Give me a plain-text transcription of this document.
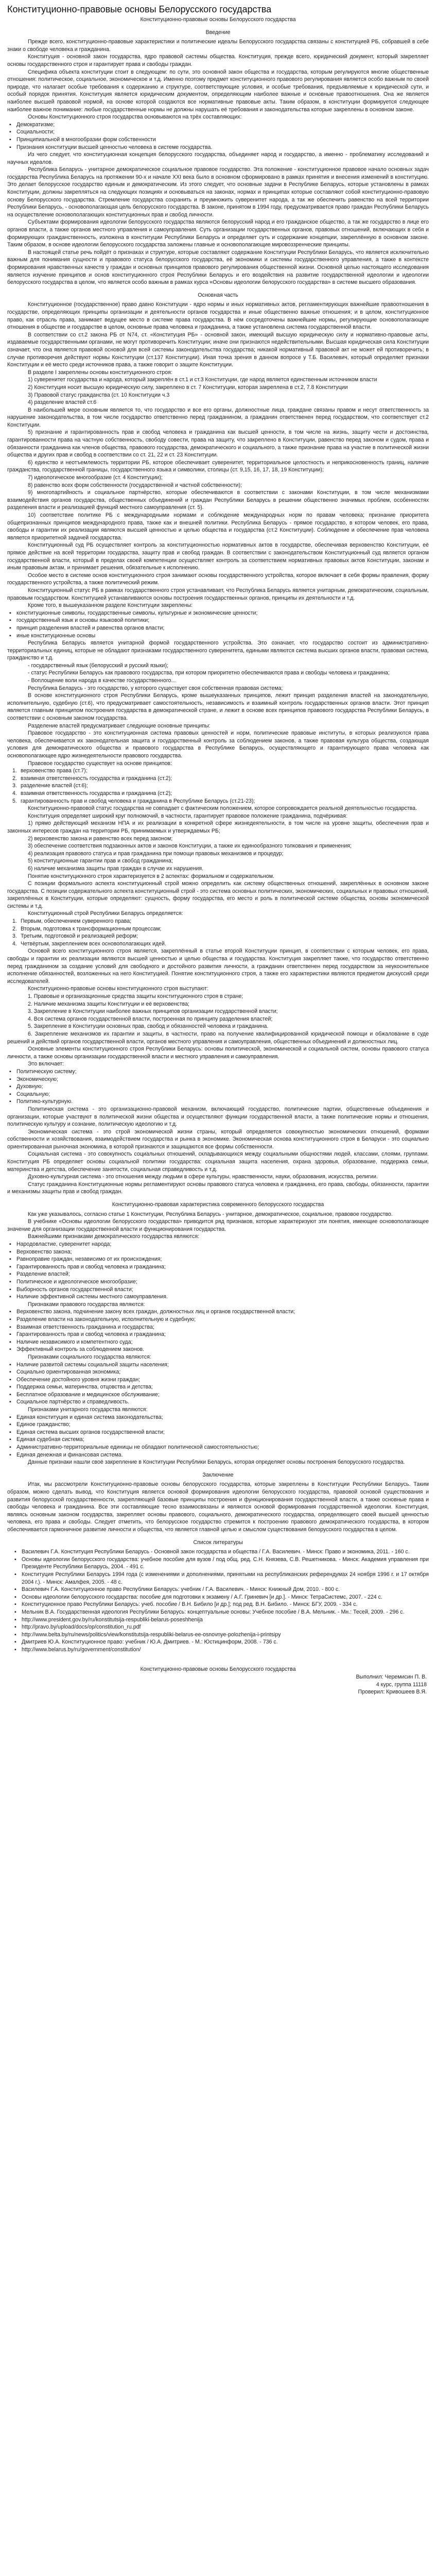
Конституционно-правовые основы Белорусского государства
Конституционно-правовые основы Белорусского государства
Введение
Прежде всего, конституционно-правовые характеристики и политические идеалы Белорусского государства связаны с конституцией РБ, собравшей в себе знаки о свободе человека и гражданина.
Конституция - основной закон государства, ядро правовой системы общества. Конституция, прежде всего, юридический документ, который закрепляет основы государственного строя и гарантирует права и свободы граждан.
Специфика объекта конституции стоит в следующем: по сути, это основной закон общества и государства, которым регулируются многие общественные отношения: политическое, социальное, экономическое и т.д. Именно поэтому предмет конституционного правового регулирования является особо важным по своей природе, что налагает особые требования к содержанию и структуре, соответствующие условия, и особые требования, предъявляемые к юридической сути, и особый порядок принятия. Конституция является юридическим документом, определяющим наиболее важные и основные правоотношения. Она же является наиболее высшей правовой нормой, на основе которой создаются все нормативные правовые акты. Таким образом, в конституции формируется следующее наиболее важное понимание: любые государственные нормы не должны нарушать её требования и законодательства которые закреплены в основном законе.
Основы Конституционного строя государства основываются на трёх составляющих:
▪ Демократизме;
▪ Социальности;
▪ Принципиальной в многообразии форм собственности
▪ Признания конституции высшей ценностью человека в системе государства.
Из чего следует, что конституционная концепция белорусского государства, объединяет народ и государство, а именно - проблематику исследований и научных идеалов.
Республика Беларусь - унитарное демократическое социальное правовое государство. Эта положение - конституционное правовое начало основных задач государства Республика Беларусь на протяжении 90-х и начале XXI века было в основном сформировано в рамках принятия и внесения изменений в конституцию. Это делает белорусское государство единым и демократическим. Из этого следует, что основные задачи в Республике Беларусь, которые установлены в рамках Конституции, должны закрепляться на следующих позициях и основываться на законах, нормах и принципах которые составляют собой конституционно-правовую основу Белорусского государства. Стремление государства сохранить и преумножить суверенитет народа, а так же обеспечить равенство на всей территории Республики Беларусь, - основополагающая цель белорусского государства. В законе, принятом в 1994 году, предусматривается право граждан Республики Беларусь на осуществление основополагающих конституционных прав и свобод личности.
Субъектами формирования идеологии белорусского государства являются белорусский народ и его гражданское общество, а так же государство в лице его органов власти, а также органов местного управления и самоуправления. Суть организации государственных органов, правовых отношений, включающих в себя и формирующих гражданственность, изложена в конституции Республики Беларусь и определяет суть и содержание концепции, закреплённую в основном законе. Таким образом, в основе идеологии белорусского государства заложены главные и основополагающие мировоззренческие принципы.
В настоящей статье речь пойдёт о признаках и структуре, которые составляют содержание Конституции Республики Беларусь, что является исключительно важным для понимания сущности и правового статуса белорусского государства, её экономики и системы государственного управления, а также в контексте формирования нравственных качеств у граждан и основных принципов правового регулирования общественной жизни. Основной целью настоящего исследования является изучение принципов и основ конституционного строя Республики Беларусь и его воздействия на развитие государственной идеологии и идеологии белорусского государства в целом, что является особо важным в рамках курса «Основы идеологии белорусского государства» в системе высшего образования.
Основная часть
Конституционное (государственное) право давно Конституции - ядро нормы и иных нормативных актов, регламентирующих важнейшие правоотношения в государстве, определяющих принципы организации и деятельности органов государства и иные общественно важные отношения; и в целом, конституционное право, как отрасль права, занимает ведущее место в системе права государства. В нём сосредоточены важнейшие нормы, регулирующие основополагающие отношения в обществе и государстве в целом, основные права человека и гражданина, а также установлена система государственной власти.
В соответствии со ст.2 закона РБ от N74, ст. «Конституция РБ» - основной закон, имеющий высшую юридическую силу и нормативно-правовые акты, издаваемые государственными органами, не могут противоречить Конституции; иначе они признаются недействительными. Высшая юридическая сила Конституции означает, что она является правовой основой для всей системы законодательства государства; никакой нормативный правовой акт не может ей противоречить; в случае противоречия действуют нормы Конституции (ст.137 Конституции). Иная точка зрения в данном вопросе у Т.Б. Василевич, который определяет признаки Конституции и её место среди источников права, а также говорит о защите Конституции.
В разделе I закреплены основы конституционного строя:
1) суверенитет государства и народа, который закреплён в ст.1 и ст.3 Конституции, где народ является единственным источником власти
2) Конституция носит высшую юридическую силу, закреплено в ст. 7 Конституции, которая закреплена в ст.2, 7.8 Конституции
3) Правовой статус гражданства (ст. 10 Конституции ч.3
4) разделение властей ст.6
В наибольшей мере основным является то, что государство и все его органы, должностные лица, граждане связаны правом и несут ответственность за нарушение законодательства, в том числе государство ответственно перед гражданином, а гражданин ответственен перед государством, что соответствует ст.2 Конституции.
5) признание и гарантированность прав и свобод человека и гражданина как высшей ценности, в том числе на жизнь, защиту чести и достоинства, гарантированности права на частную собственность, свободу совести, права на защиту, что закреплено в Конституции, равенство перед законом и судом, права и обязанности гражданина как членов общества, правового государства, демократического и социального, а также признание права на участие в политической жизни общества и других прав и свобод в соответствии со ст. 21, 22 и ст. 23 Конституции.
6) единство и неотъемлемость территории РБ, которое обеспечивает суверенитет, территориальное целостность и неприкосновенность границ, наличие гражданства, государственной границы, государственного языка и символики, столицы (ст. 9,15, 16, 17, 18, 19 Конституции);
7) идеологическое многообразие (ст. 4 Конституции);
8) равенство всех форм собственности (государственной и частной собственности);
9) многопартийность и социальное партнёрство, которые обеспечиваются в соответствии с законами Конституции, в том числе механизмами взаимодействия органов государства, общественных объединений и граждан Республики Беларусь в решении общественно значимых проблем, особенностях разделения власти и реализацией функций местного самоуправления (ст. 5).
10) соответствие политике РБ с международными нормами и соблюдение международных норм по правам человека; признание приоритета общепризнанных принципов международного права, также как и внешней политики. Республика Беларусь - прямое государство, в котором человек, его права, свободы и гарантии их реализации являются высшей ценностью и целью общества и государства (ст.2 Конституции). Соблюдение и обеспечение прав человека является приоритетной задачей государства.
Конституционный суд РБ осуществляет контроль за конституционностью нормативных актов в государстве, обеспечивая верховенство Конституции, её прямое действие на всей территории государства, защиту прав и свобод граждан. В соответствии с законодательством Конституционный суд является органом государственной власти, который в пределах своей компетенции осуществляет контроль за соответствием нормативных правовых актов Конституции, законам и иным правовым актам, и принимает решения, обязательные к исполнению.
Особое место в системе основ конституционного строя занимают основы государственного устройства, которое включает в себя формы правления, форму государственного устройства, а также политический режим.
Конституционный статус РБ в рамках государственного строя устанавливает, что Республика Беларусь является унитарным, демократическим, социальным, правовым государством. Конституцией устанавливаются основы построения государственных органов, принципы их деятельности и т.д.
Кроме того, в вышеуказанном разделе Конституции закреплены:
▪ конституционные символы, государственные символы, культурные и экономические ценности;
▪ государственный язык и основы языковой политики;
▪ принцип разделения властей и равенства органов власти;
▪ иные конституционные основы
Республика Беларусь является унитарной формой государственного устройства. Это означает, что государство состоит из административно-территориальных единиц, которые не обладают признаками государственного суверенитета, едиными являются система высших органов власти, правовая система, гражданство и т.д.
- государственный язык (белорусский и русский языки);
- статус Республики Беларусь как правового государства, при котором приоритетно обеспечиваются права и свободы человека и гражданина;
- Воплощение воли народа в качестве государственного...
Республика Беларусь - это государство, у которого существует своя собственная правовая система;
В основе конституционного строя Республики Беларусь, кроме вышеуказанных принципов, лежит принцип разделения властей на законодательную, исполнительную, судебную (ст.6), что предусматривает самостоятельность, независимость и взаимный контроль государственных органов власти. Этот принцип является главным принципом построения государства в демократической стране, и лежит в основе всех принципов правового государства Республики Беларусь, в соответствии с основным законом государства.
Разделение властей предусматривает следующие основные принципы:
Правовое государство - это конституционная система правовых ценностей и норм, политические правовые институты, в которых реализуются права человека, обеспечивается их законодательная защита и государственный контроль за соблюдением законов, а также правовая культура общества, создающая условия для демократического общества и правового государства в Республике Беларусь, осуществляющего и гарантирующего права человека как основополагающее ядро жизнедеятельности правового государства.
Правовое государство существует на основе принципов:
1. верховенство права (ст.7);
2. взаимная ответственность государства и гражданина (ст.2);
3. разделение властей (ст.6);
4. взаимная ответственность государства и гражданина (ст.2);
5. гарантированность прав и свобод человека и гражданина в Республике Беларусь (ст.21-23);
Конституционно-правовой статус государства не совпадает с фактическим положением, которое сопровождается реальной деятельностью государства.
Конституция определяет широкий круг полномочий, в частности, гарантирует правовое положение гражданина, подчёркивая:
1) прямо действующий механизм НПА и их реализации в конкретной сфере жизнедеятельности, в том числе на уровне защиты, обеспечения прав и законных интересов граждан на территории РБ, принимаемых и утверждаемых РБ;
2) верховенство закона и равенство всех перед законом;
3) обеспечение соответствия подзаконных актов и законов Конституции, а также их единообразного толкования и применения;
4) реализация правового статуса и прав гражданина при помощи правовых механизмов и процедур;
5) конституционные гарантии прав и свобод гражданина;
6) наличие механизма защиты прав граждан в случае их нарушения.
Понятие конституционного строя характеризуется в 2 аспектах: формальном и содержательном.
С позиции формального аспекта конституционный строй можно определить как систему общественных отношений, закреплённых в основном законе государства. С позиции содержательного аспекта конституционный строй - это система основных политических, экономических, социальных и правовых отношений, закреплённых в Конституции, которые определяют: сущность, форму государства, его место и роль в политической системе общества, основы экономической системы и т.д.
Конституционный строй Республики Беларусь определяется:
1. Первым, обеспечением суверенного права;
2. Вторым, подготовка к трансформационным процессам;
3. Третьим, подготовкой и реализацией реформ;
4. Четвёртым, закреплением всех основополагающих идей.
Основой всего конституционного строя является, закреплённый в статье второй Конституции принцип, в соответствии с которым человек, его права, свободы и гарантии их реализации являются высшей ценностью и целью общества и государства. Конституция закрепляет также, что государство ответственно перед гражданином за создание условий для свободного и достойного развития личности, а гражданин ответственен перед государством за неукоснительное исполнение обязанностей, возложенных на него Конституцией. Понятие конституционного строя, а также его характеристики являются предметом дискуссий среди исследователей.
Конституционно-правовые основы конституционного строя выступают:
1. Правовые и организационные средства защиты конституционного строя в стране;
2. Наличие механизма защиты Конституции и её верховенства;
3. Закрепление в Конституции наиболее важных принципов организации государственной власти;
4. Вся система органов государственной власти, построенная по принципу разделения властей;
5. Закрепление в Конституции основных прав, свобод и обязанностей человека и гражданина.
6. Закрепление механизмов их гарантии и защиты, в частности, право на получение квалифицированной юридической помощи и обжалование в суде решений и действий органов государственной власти, органов местного управления и самоуправления, общественных объединений и должностных лиц.
Основные элементы конституционного строя Республики Беларусь: основы политической, экономической и социальной систем, основы правового статуса личности, а также основы организации государственной власти и местного управления и самоуправления.
Это включает:
▪ Политическую систему;
▪ Экономическую;
▪ Духовную;
▪ Социальную;
▪ Политико-культурную.
Политическая система - это организационно-правовой механизм, включающий государство, политические партии, общественные объединения и организации, которые участвуют в политической жизни общества и осуществляют функции государственной власти, а также политические нормы и отношения, политическую культуру и сознание, политическую идеологию и т.д.
Экономическая система - это строй экономической жизни страны, который определяется совокупностью экономических отношений, формами собственности и хозяйствования, взаимодействием государства и рынка в экономике. Экономическая основа конституционного строя в Беларуси - это социально ориентированная рыночная экономика, в которой признаются и защищаются все формы собственности.
Социальная система - это совокупность социальных отношений, складывающихся между социальными общностями людей, классами, слоями, группами. Конституция РБ определяет основы социальной политики государства: социальная защита населения, охрана здоровья, образование, поддержка семьи, материнства и детства, обеспечение занятости, социальная справедливость и т.д.
Духовно-культурная система - это отношения между людьми в сфере культуры, нравственности, науки, образования, искусства, религии.
Статус гражданина Конституционные нормы регламентируют основы правового статуса человека и гражданина, его права, свободы, обязанности, гарантии и механизмы защиты прав и свобод граждан.
Конституционно-правовая характеристика современного белорусского государства
Как уже указывалось, согласно статье 1 Конституции, Республика Беларусь - унитарное, демократическое, социальное, правовое государство.
В учебнике «Основы идеологии белорусского государства» приводится ряд признаков, которые характеризуют эти понятия, имеющие основополагающее значение для организации государственной власти и функционирования государства.
Важнейшими признаками демократического государства являются:
▪ Народовластие, суверенитет народа;
▪ Верховенство закона;
▪ Равноправие граждан, независимо от их происхождения;
▪ Гарантированность прав и свобод человека и гражданина;
▪ Разделение властей;
▪ Политическое и идеологическое многообразие;
▪ Выборность органов государственной власти;
▪ Наличие эффективной системы местного самоуправления.
Признаками правового государства являются:
▪ Верховенство закона, подчинение закону всех граждан, должностных лиц и органов государственной власти;
▪ Разделение власти на законодательную, исполнительную и судебную;
▪ Взаимная ответственность гражданина и государства;
▪ Гарантированность прав и свобод человека и гражданина;
▪ Наличие независимого и компетентного суда;
▪ Эффективный контроль за соблюдением законов.
Признаками социального государства являются:
▪ Наличие развитой системы социальной защиты населения;
▪ Социально ориентированная экономика;
▪ Обеспечение достойного уровня жизни граждан;
▪ Поддержка семьи, материнства, отцовства и детства;
▪ Бесплатное образование и медицинское обслуживание;
▪ Социальное партнёрство и справедливость.
Признаками унитарного государства являются:
▪ Единая конституция и единая система законодательства;
▪ Единое гражданство;
▪ Единая система высших органов государственной власти;
▪ Единая судебная система;
▪ Административно-территориальные единицы не обладают политической самостоятельностью;
▪ Единая денежная и финансовая система.
Данные признаки нашли своё закрепление в Конституции Республики Беларусь, которая определяет основы построения белорусского государства.
Заключение
Итак, мы рассмотрели Конституционно-правовые основы белорусского государства, которые закреплены в Конституции Республики Беларусь. Таким образом, можно сделать вывод, что Конституция является основой формирования идеологии белорусского государства, правовой основой существования и развития белорусской государственности, закрепляющей базовые принципы построения и функционирования государственной власти, а также основные права и свободы человека и гражданина. Все эти составляющие тесно взаимосвязаны и являются основой формирования государственной идеологии. Конституция, являясь основным законом государства, закрепляет основы правового, социального, демократического государства, определяющего своей высшей ценностью человека, его права и свободы. Следует отметить, что белорусское государство стремится к построению правового демократического государства, в котором обеспечивается гармоничное развитие личности и общества, что является главной целью и смыслом существования белорусского государства в целом.
Список литературы
▪ Василевич Г.А. Конституция Республики Беларусь - Основной закон государства и общества / Г.А. Василевич. - Минск: Право и экономика, 2011. - 160 с.
▪ Основы идеологии белорусского государства: учебное пособие для вузов / под общ. ред. С.Н. Князева, С.В. Решетникова. - Минск: Академия управления при Президенте Республики Беларусь, 2004. - 491 с.
▪ Конституция Республики Беларусь 1994 года (с изменениями и дополнениями, принятыми на республиканских референдумах 24 ноября 1996 г. и 17 октября 2004 г.). - Минск: Амалфея, 2005. - 48 с.
▪ Василевич Г.А. Конституционное право Республики Беларусь: учебник / Г.А. Василевич. - Минск: Книжный Дом, 2010. - 800 с.
▪ Основы идеологии белорусского государства: пособие для подготовки к экзамену / А.Г. Гриневич [и др.]. - Минск: ТетраСистемс, 2007. - 224 с.
▪ Конституционное право Республики Беларусь: учеб. пособие / В.Н. Бибило [и др.]; под ред. В.Н. Бибило. - Минск: БГУ, 2009. - 334 с.
▪ Мельник В.А. Государственная идеология Республики Беларусь: концептуальные основы: Учебное пособие / В.А. Мельник. - Мн.: Тесей, 2009. - 296 с.
▪ http://www.president.gov.by/ru/konstitutsija-respubliki-belarus-poseshhenija
▪ http://pravo.by/upload/docs/op/constitution_ru.pdf
▪ http://www.belta.by/ru/news/politics/view/konstitutsija-respubliki-belarus-ee-osnovnye-polozhenija-i-printsipy
▪ Дмитриев Ю.А. Конституционное право: учебник / Ю.А. Дмитриев. - М.: Юстицинформ, 2008. - 736 с.
▪ http://www.belarus.by/ru/government/constitution/
Конституционно-правовые основы Белорусского государства
Выполнил: Черемисин П. В.
4 курс, группа 11118
Проверил: Кривошеев В.Я.
